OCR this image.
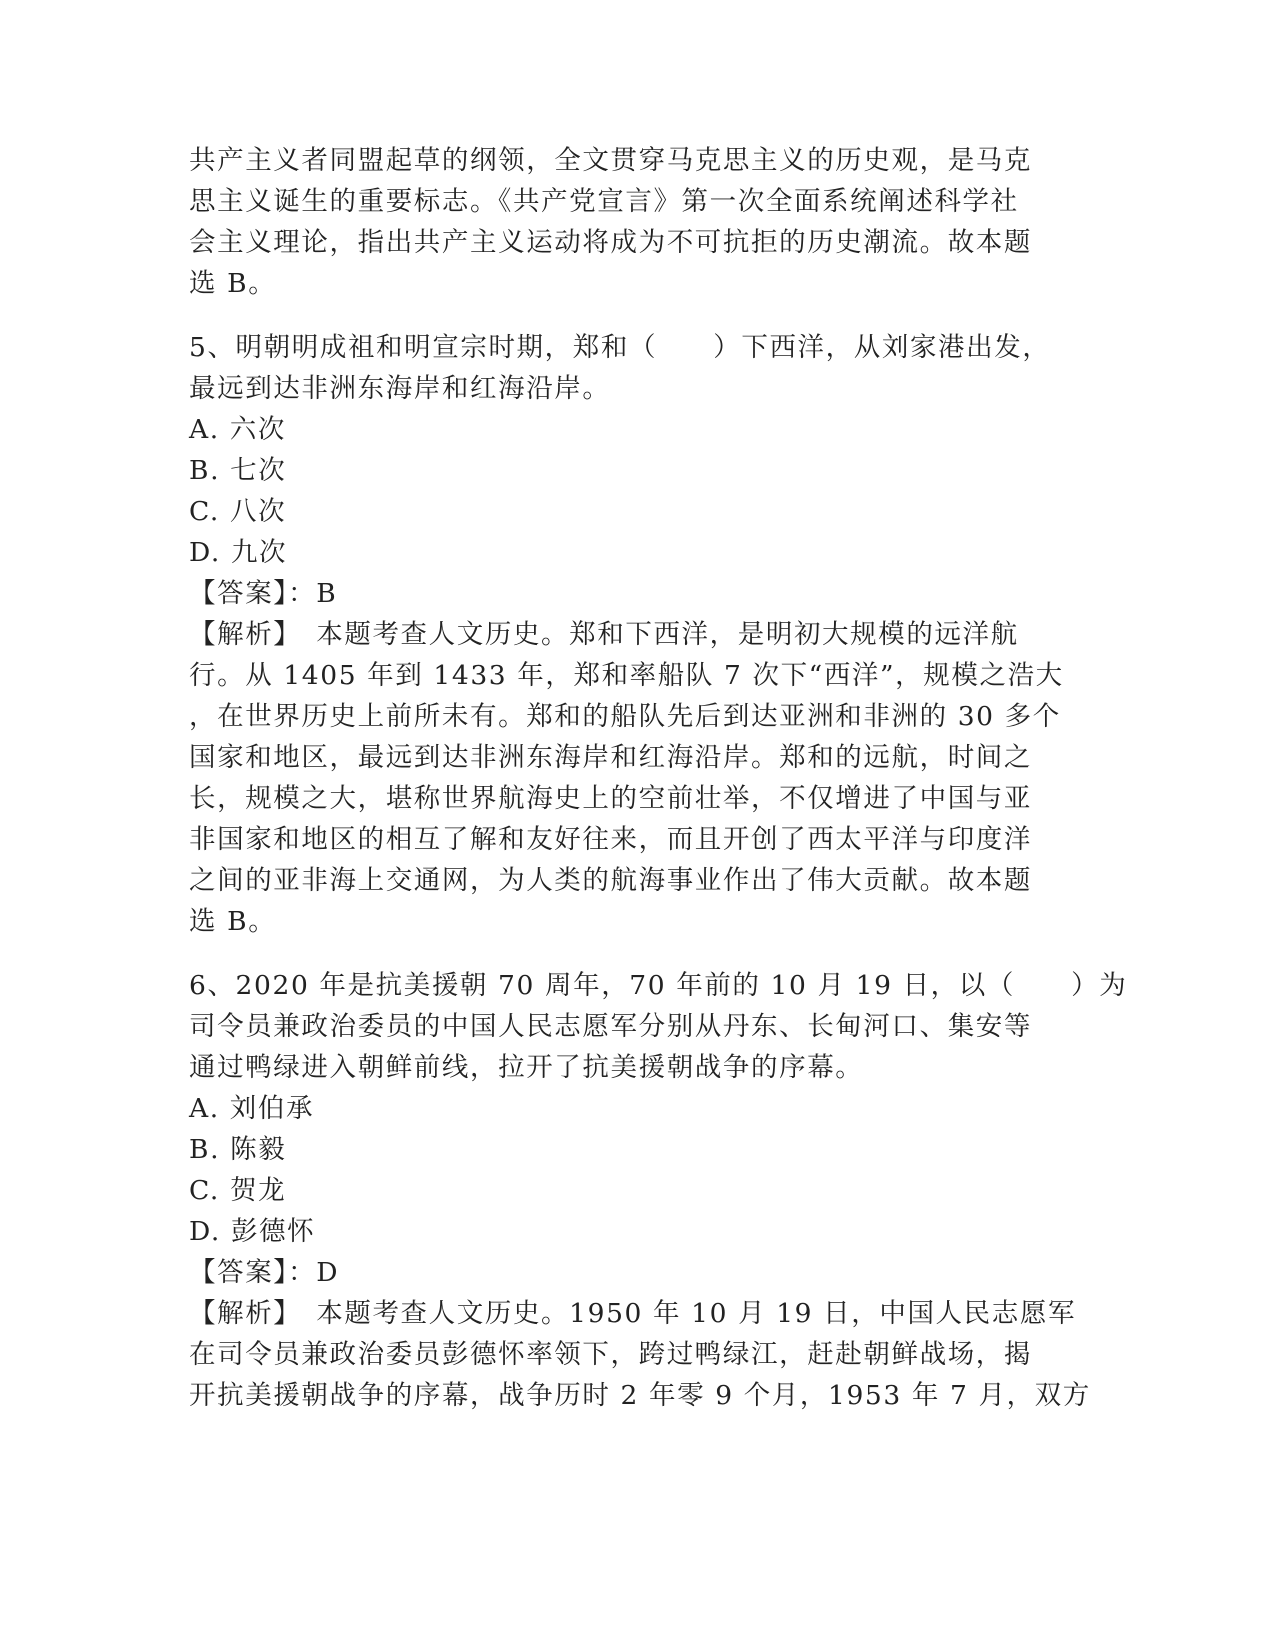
共产主义者同盟起草的纲领，全文贯穿马克思主义的历史观，是马克
思主义诞生的重要标志。《共产党宣言》第一次全面系统阐述科学社
会主义理论，指出共产主义运动将成为不可抗拒的历史潮流。故本题
选 B。
5、明朝明成祖和明宣宗时期，郑和（　　）下西洋，从刘家港出发，
最远到达非洲东海岸和红海沿岸。
A. 六次
B. 七次
C. 八次
D. 九次
【答案】：B
【解析】　本题考查人文历史。郑和下西洋，是明初大规模的远洋航
行。从 1405 年到 1433 年，郑和率船队 7 次下“西洋”，规模之浩大
，在世界历史上前所未有。郑和的船队先后到达亚洲和非洲的 30 多个
国家和地区，最远到达非洲东海岸和红海沿岸。郑和的远航，时间之
长，规模之大，堪称世界航海史上的空前壮举，不仅增进了中国与亚
非国家和地区的相互了解和友好往来，而且开创了西太平洋与印度洋
之间的亚非海上交通网，为人类的航海事业作出了伟大贡献。故本题
选 B。
6、2020 年是抗美援朝 70 周年，70 年前的 10 月 19 日，以（　　）为
司令员兼政治委员的中国人民志愿军分别从丹东、长甸河口、集安等
通过鸭绿进入朝鲜前线，拉开了抗美援朝战争的序幕。
A. 刘伯承
B. 陈毅
C. 贺龙
D. 彭德怀
【答案】：D
【解析】　本题考查人文历史。1950 年 10 月 19 日，中国人民志愿军
在司令员兼政治委员彭德怀率领下，跨过鸭绿江，赶赴朝鲜战场，揭
开抗美援朝战争的序幕，战争历时 2 年零 9 个月，1953 年 7 月，双方
